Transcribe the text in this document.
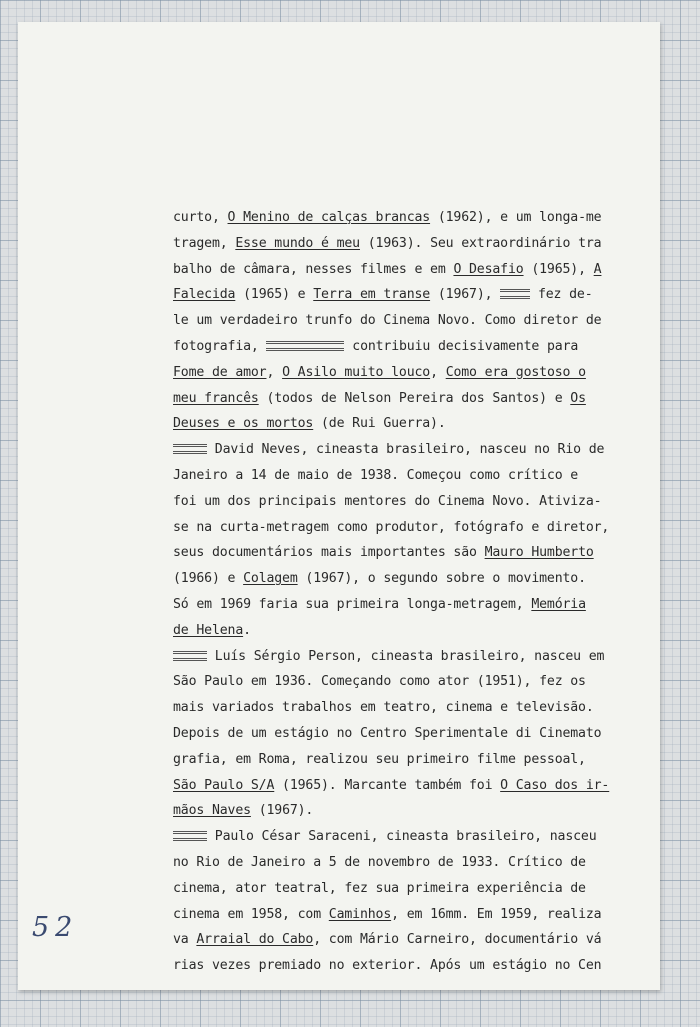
curto, O Menino de calças brancas (1962), e um longa-me
tragem, Esse mundo é meu (1963). Seu extraordinário tra
balho de câmara, nesses filmes e em O Desafio (1965), A
Falecida (1965) e Terra em transe (1967),  fez de-
le um verdadeiro trunfo do Cinema Novo. Como diretor de
fotografia,	contribuiu decisivamente para
Fome de amor, O Asilo muito louco, Como era gostoso o
meu francês (todos de Nelson Pereira dos Santos) e Os
Deuses e os mortos (de Rui Guerra).
David Neves, cineasta brasileiro, nasceu no Rio de
Janeiro a 14 de maio de 1938. Começou como crítico e
foi um dos principais mentores do Cinema Novo. Ativiza-
se na curta-metragem como produtor, fotógrafo e diretor,
seus documentários mais importantes são Mauro Humberto
(1966) e Colagem (1967), o segundo sobre o movimento.
Só em 1969 faria sua primeira longa-metragem, Memória
de Helena.
Luís Sérgio Person, cineasta brasileiro, nasceu em
São Paulo em 1936. Começando como ator (1951), fez os
mais variados trabalhos em teatro, cinema e televisão.
Depois de um estágio no Centro Sperimentale di Cinemato
grafia, em Roma, realizou seu primeiro filme pessoal,
São Paulo S/A (1965). Marcante também foi O Caso dos ir-
mãos Naves (1967).
Paulo César Saraceni, cineasta brasileiro, nasceu
no Rio de Janeiro a 5 de novembro de 1933. Crítico de
cinema, ator teatral, fez sua primeira experiência de
cinema em 1958, com Caminhos, em 16mm. Em 1959, realiza
va Arraial do Cabo, com Mário Carneiro, documentário vá
rias vezes premiado no exterior. Após um estágio no Cen
52
